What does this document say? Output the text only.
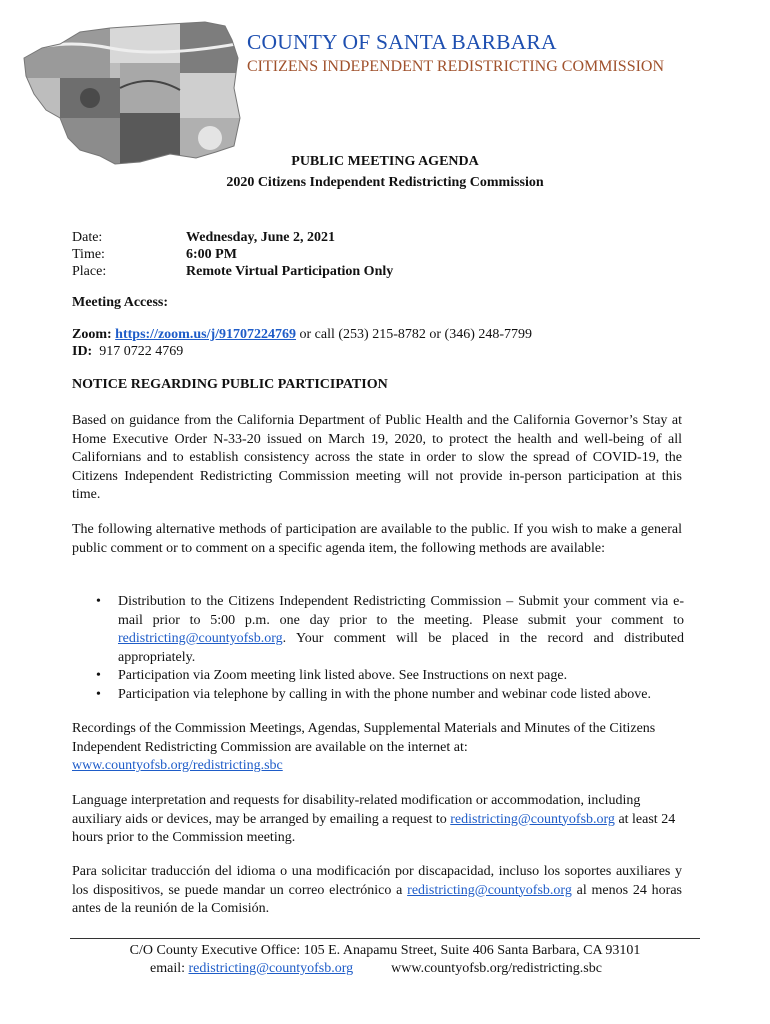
COUNTY OF SANTA BARBARA
CITIZENS INDEPENDENT REDISTRICTING COMMISSION
PUBLIC MEETING AGENDA
2020 Citizens Independent Redistricting Commission
Date:	Wednesday, June 2, 2021
Time:	6:00 PM
Place:	Remote Virtual Participation Only
Meeting Access:
Zoom: https://zoom.us/j/91707224769 or call (253) 215-8782 or (346) 248-7799
ID:  917 0722 4769
NOTICE REGARDING PUBLIC PARTICIPATION
Based on guidance from the California Department of Public Health and the California Governor’s Stay at Home Executive Order N-33-20 issued on March 19, 2020, to protect the health and well-being of all Californians and to establish consistency across the state in order to slow the spread of COVID-19, the Citizens Independent Redistricting Commission meeting will not provide in-person participation at this time.
The following alternative methods of participation are available to the public. If you wish to make a general public comment or to comment on a specific agenda item, the following methods are available:
• Distribution to the Citizens Independent Redistricting Commission – Submit your comment via e-mail prior to 5:00 p.m. one day prior to the meeting. Please submit your comment to redistricting@countyofsb.org. Your comment will be placed in the record and distributed appropriately.
• Participation via Zoom meeting link listed above. See Instructions on next page.
• Participation via telephone by calling in with the phone number and webinar code listed above.
Recordings of the Commission Meetings, Agendas, Supplemental Materials and Minutes of the Citizens Independent Redistricting Commission are available on the internet at:
www.countyofsb.org/redistricting.sbc
Language interpretation and requests for disability-related modification or accommodation, including auxiliary aids or devices, may be arranged by emailing a request to redistricting@countyofsb.org at least 24 hours prior to the Commission meeting.
Para solicitar traducción del idioma o una modificación por discapacidad, incluso los soportes auxiliares y los dispositivos, se puede mandar un correo electrónico a redistricting@countyofsb.org al menos 24 horas antes de la reunión de la Comisión.
C/O County Executive Office: 105 E. Anapamu Street, Suite 406 Santa Barbara, CA 93101
email: redistricting@countyofsb.org	www.countyofsb.org/redistricting.sbc
